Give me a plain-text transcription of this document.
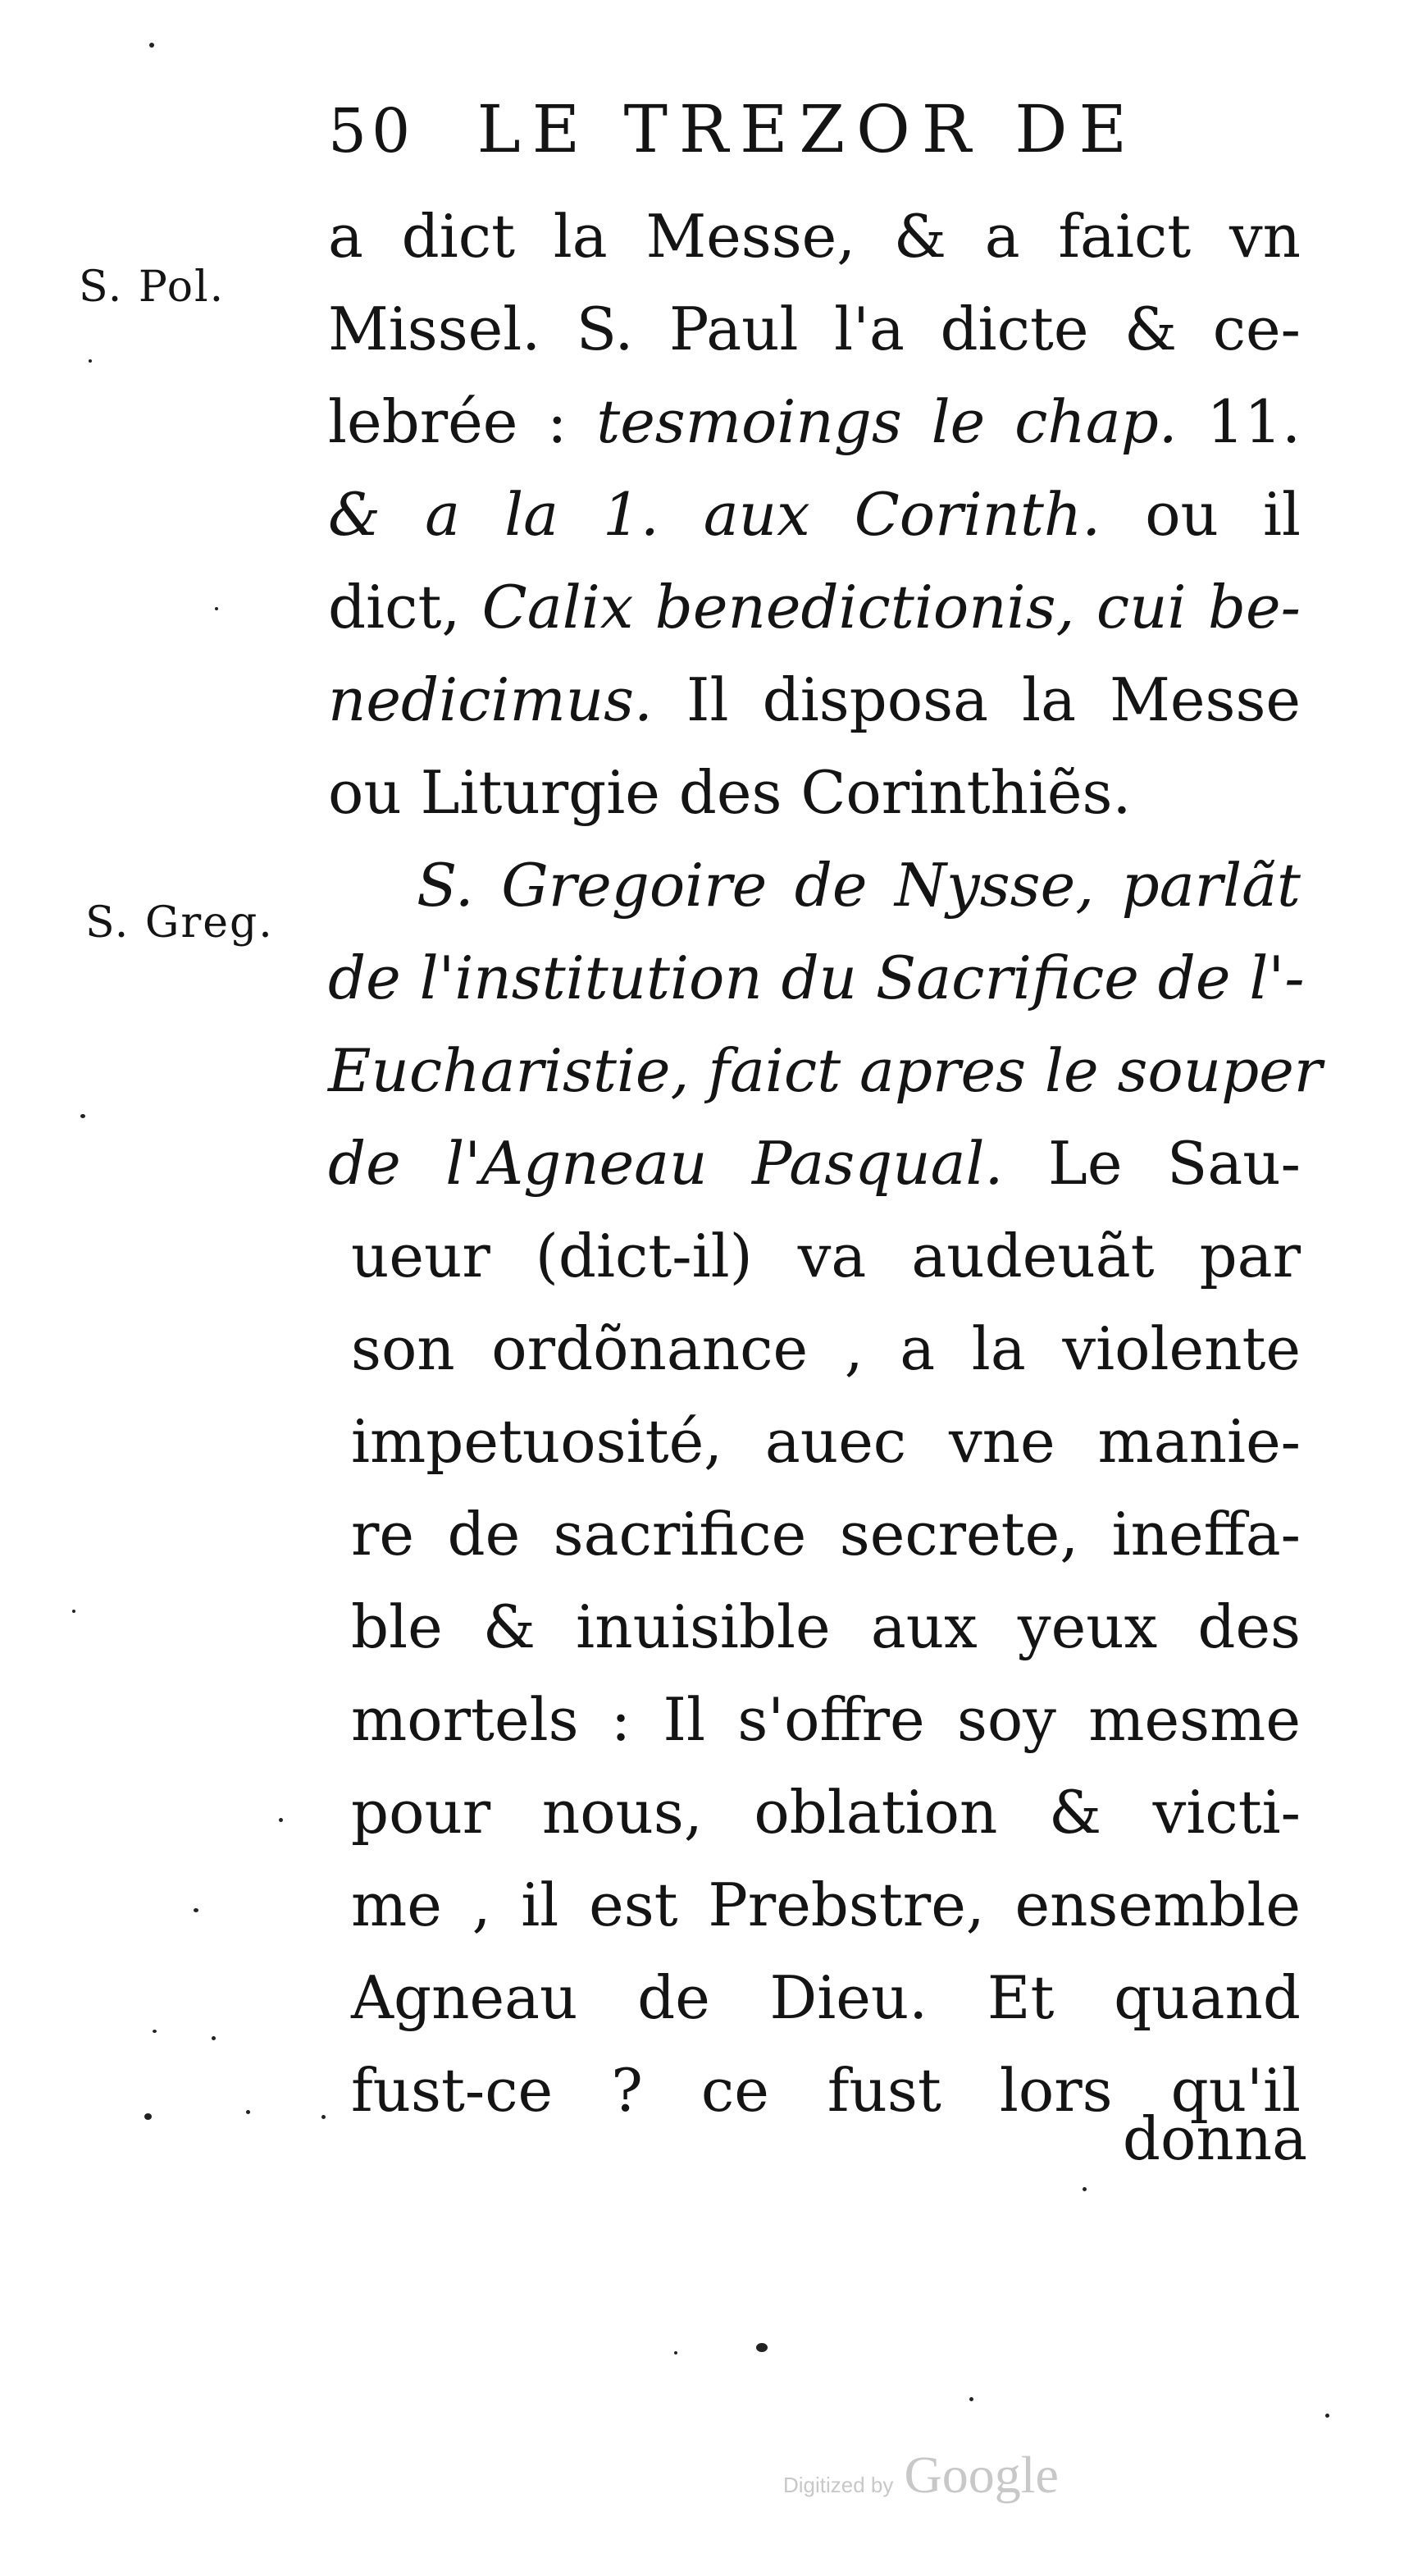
50 LE TREZOR DE
S. Pol.
S. Greg.
a dict la Messe, & a faict vn
Missel. S. Paul l'a dicte & ce-
lebrée : tesmoings le chap. 11.
& a la 1. aux Corinth. ou il
dict, Calix benedictionis, cui be-
nedicimus. Il disposa la Messe
ou Liturgie des Corinthiẽs.
S. Gregoire de Nysse, parlãt
de l'institution du Sacrifice de l'-
Eucharistie, faict apres le souper
de l'Agneau Pasqual. Le Sau-
ueur (dict-il) va audeuãt par
son ordõnance , a la violente
impetuosité, auec vne manie-
re de sacrifice secrete, ineffa-
ble & inuisible aux yeux des
mortels : Il s'offre soy mesme
pour nous, oblation & victi-
me , il est Prebstre, ensemble
Agneau de Dieu. Et quand
fust-ce ? ce fust lors qu'il
donna
Digitized by Google
